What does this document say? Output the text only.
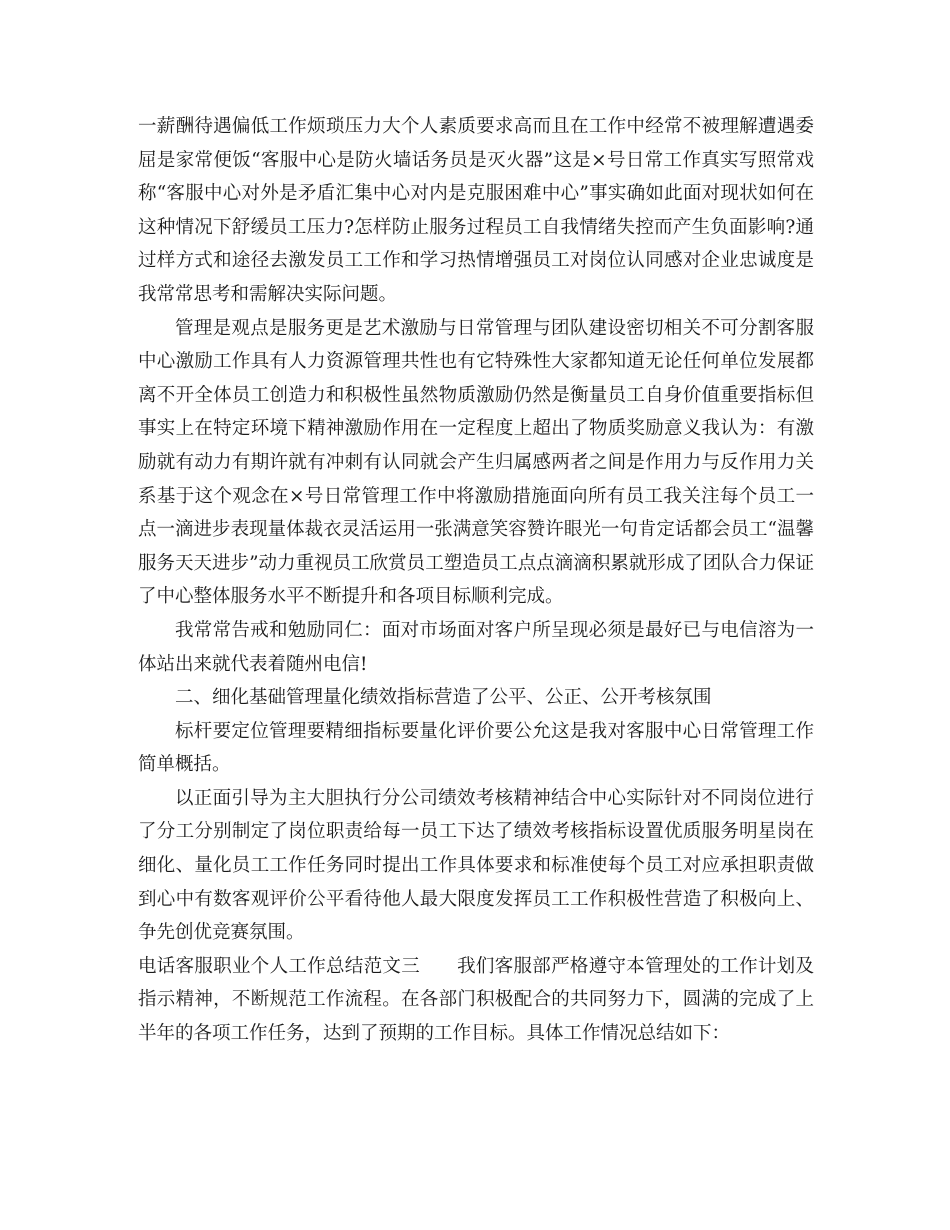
一薪酬待遇偏低工作烦琐压力大个人素质要求高而且在工作中经常不被理解遭遇委屈是家常便饭“客服中心是防火墙话务员是灭火器”这是×号日常工作真实写照常戏称“客服中心对外是矛盾汇集中心对内是克服困难中心”事实确如此面对现状如何在这种情况下舒缓员工压力?怎样防止服务过程员工自我情绪失控而产生负面影响?通过样方式和途径去激发员工工作和学习热情增强员工对岗位认同感对企业忠诚度是我常常思考和需解决实际问题。

管理是观点是服务更是艺术激励与日常管理与团队建设密切相关不可分割客服中心激励工作具有人力资源管理共性也有它特殊性大家都知道无论任何单位发展都离不开全体员工创造力和积极性虽然物质激励仍然是衡量员工自身价值重要指标但事实上在特定环境下精神激励作用在一定程度上超出了物质奖励意义我认为：有激励就有动力有期许就有冲刺有认同就会产生归属感两者之间是作用力与反作用力关系基于这个观念在×号日常管理工作中将激励措施面向所有员工我关注每个员工一点一滴进步表现量体裁衣灵活运用一张满意笑容赞许眼光一句肯定话都会员工“温馨服务天天进步”动力重视员工欣赏员工塑造员工点点滴滴积累就形成了团队合力保证了中心整体服务水平不断提升和各项目标顺利完成。

我常常告戒和勉励同仁：面对市场面对客户所呈现必须是最好已与电信溶为一体站出来就代表着随州电信!

二、细化基础管理量化绩效指标营造了公平、公正、公开考核氛围

标杆要定位管理要精细指标要量化评价要公允这是我对客服中心日常管理工作简单概括。

以正面引导为主大胆执行分公司绩效考核精神结合中心实际针对不同岗位进行了分工分别制定了岗位职责给每一员工下达了绩效考核指标设置优质服务明星岗在细化、量化员工工作任务同时提出工作具体要求和标准使每个员工对应承担职责做到心中有数客观评价公平看待他人最大限度发挥员工工作积极性营造了积极向上、争先创优竞赛氛围。

电话客服职业个人工作总结范文三 我们客服部严格遵守本管理处的工作计划及指示精神，不断规范工作流程。在各部门积极配合的共同努力下，圆满的完成了上半年的各项工作任务，达到了预期的工作目标。具体工作情况总结如下：
